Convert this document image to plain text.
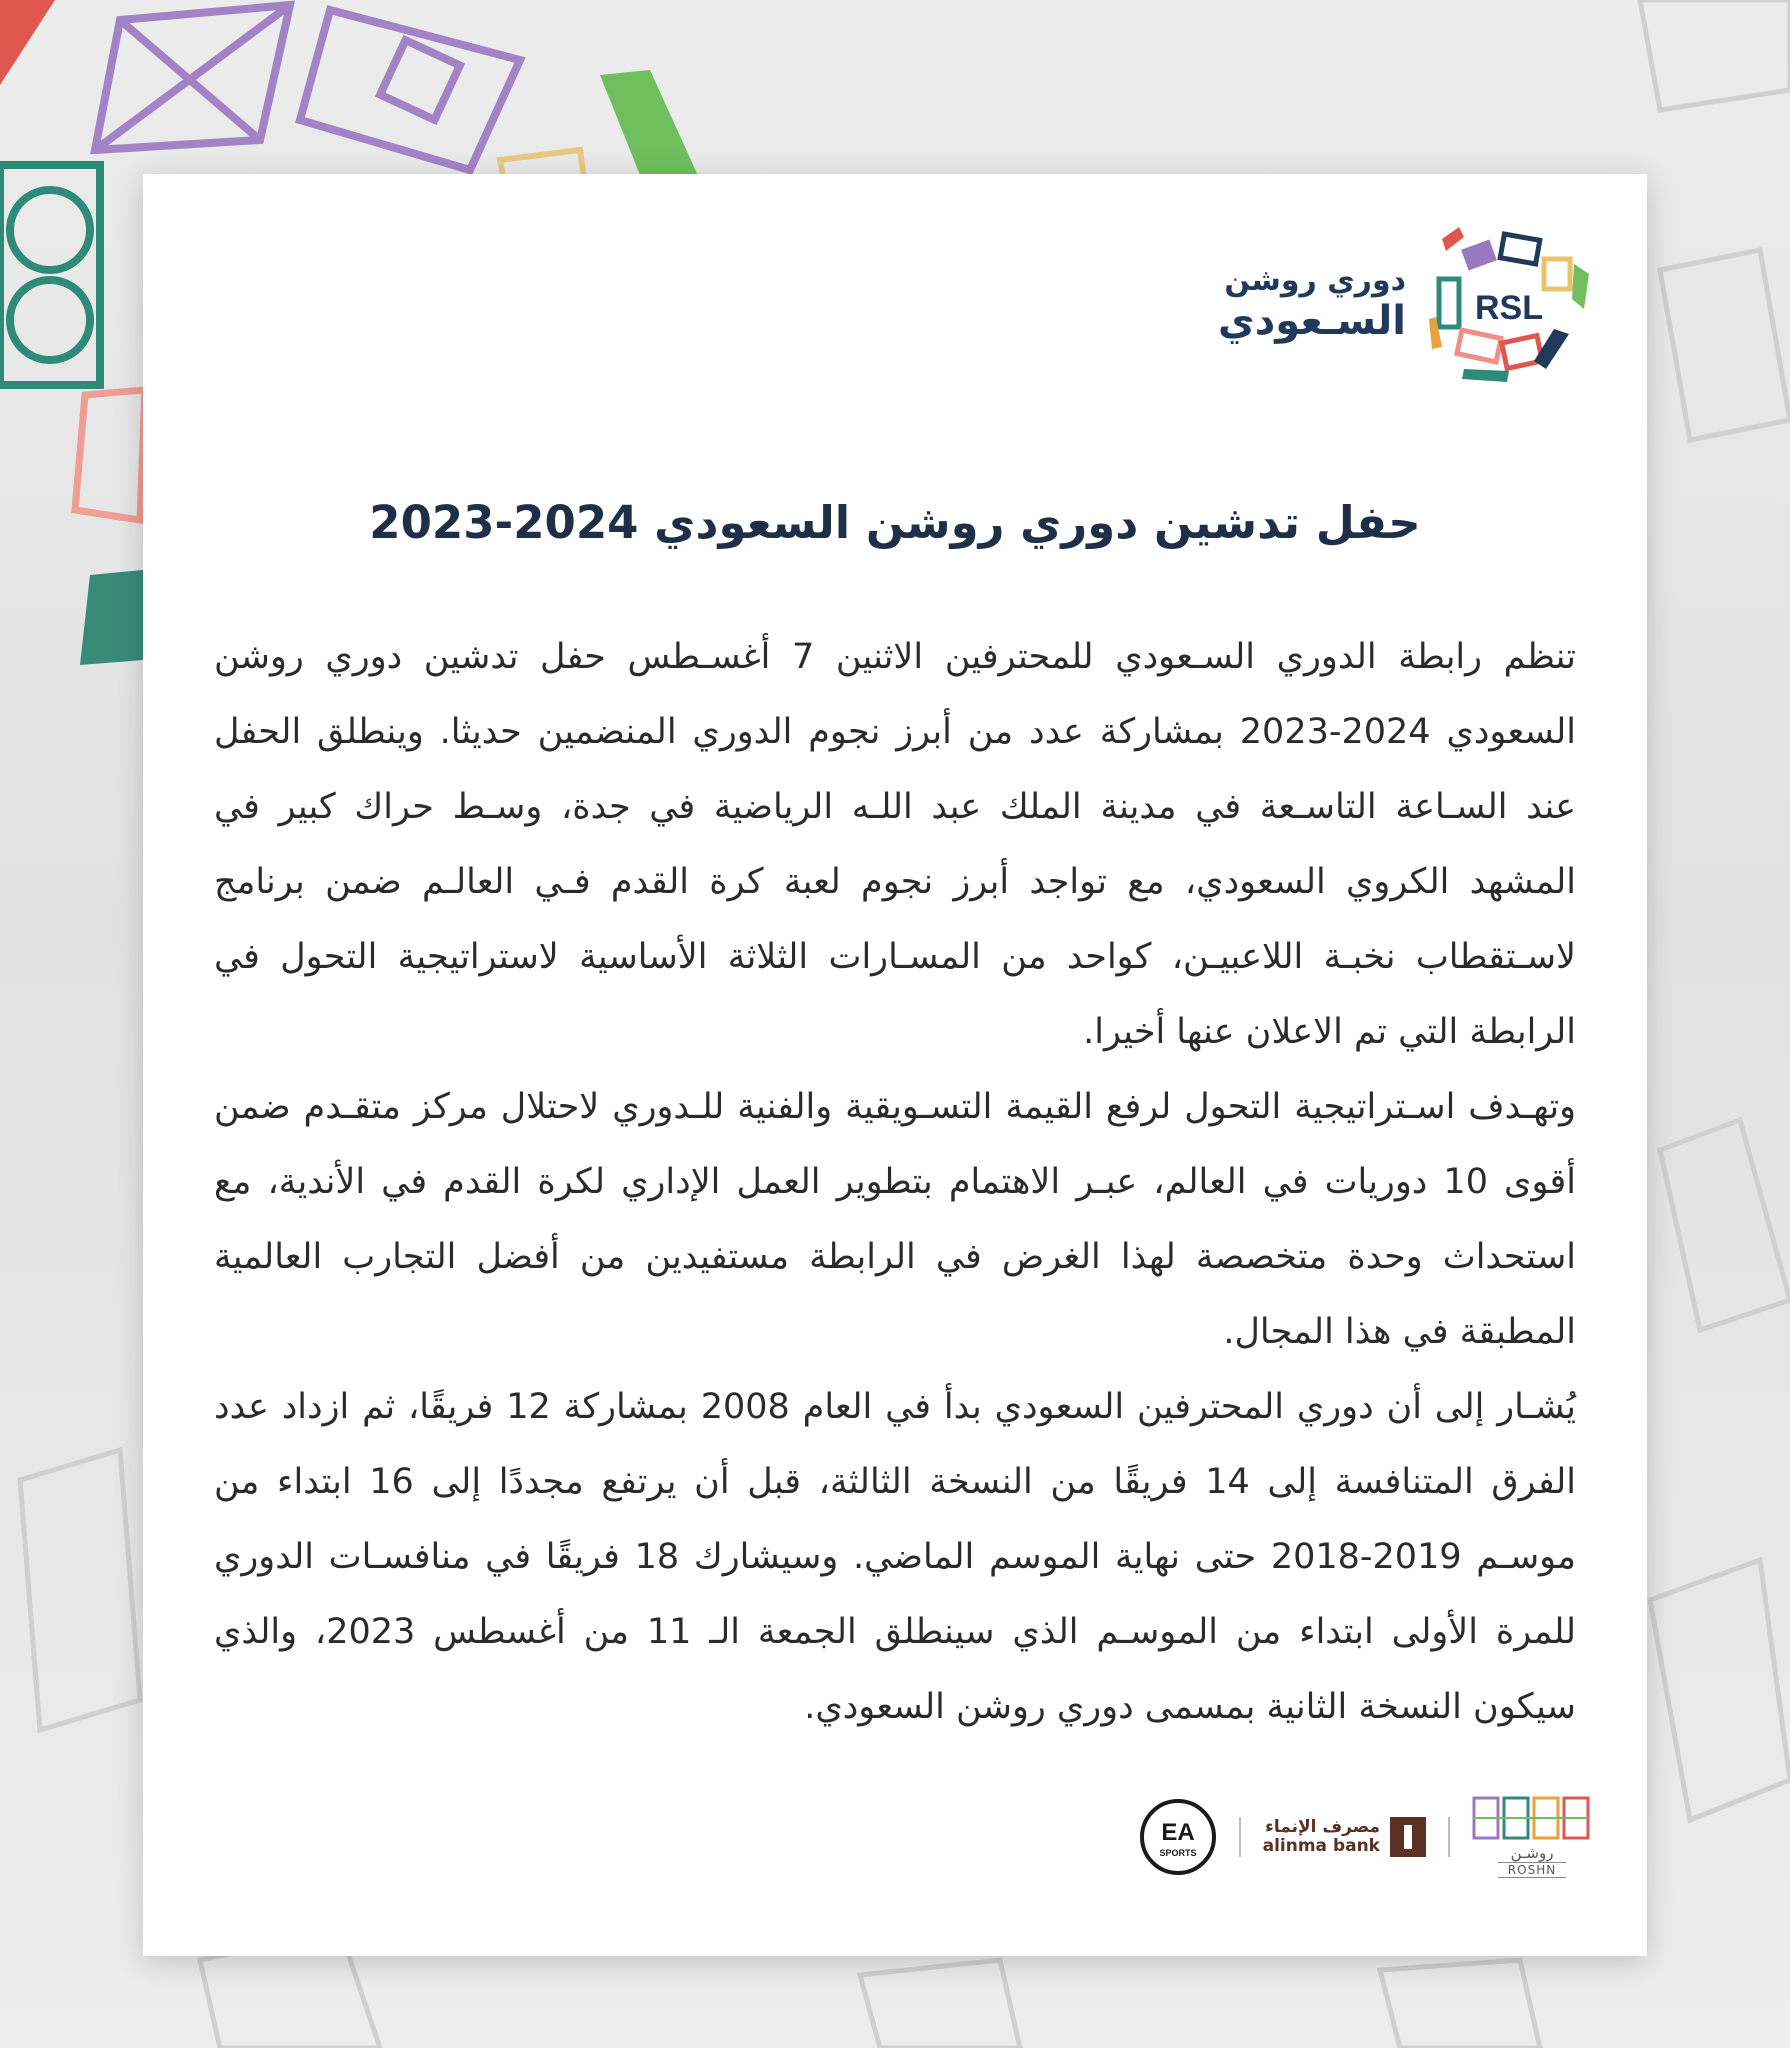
RSL
دوري روشن
السـعودي
حفل تدشين دوري روشن السعودي 2024-2023

تنظم رابطة الدوري السـعودي للمحترفين الاثنين 7 أغسـطس حفل تدشين دوري روشن السعودي 2024-2023 بمشاركة عدد من أبرز نجوم الدوري المنضمين حديثا. وينطلق الحفل عند السـاعة التاسـعة في مدينة الملك عبد اللـه الرياضية في جدة، وسـط حراك كبير في المشهد الكروي السعودي، مع تواجد أبرز نجوم لعبة كرة القدم فـي العالـم ضمن برنامج لاسـتقطاب نخبـة اللاعبيـن، كواحد من المسـارات الثلاثة الأساسية لاستراتيجية التحول في الرابطة التي تم الاعلان عنها أخيرا.

وتهـدف اسـتراتيجية التحول لرفع القيمة التسـويقية والفنية للـدوري لاحتلال مركز متقـدم ضمن أقوى 10 دوريات في العالم، عبـر الاهتمام بتطوير العمل الإداري لكرة القدم في الأندية، مع استحداث وحدة متخصصة لهذا الغرض في الرابطة مستفيدين من أفضل التجارب العالمية المطبقة في هذا المجال.

يُشـار إلى أن دوري المحترفين السعودي بدأ في العام 2008 بمشاركة 12 فريقًا، ثم ازداد عدد الفرق المتنافسة إلى 14 فريقًا من النسخة الثالثة، قبل أن يرتفع مجددًا إلى 16 ابتداء من موسـم 2019-2018 حتى نهاية الموسم الماضي. وسيشارك 18 فريقًا في منافسـات الدوري للمرة الأولى ابتداء من الموسـم الذي سينطلق الجمعة الـ 11 من أغسطس 2023، والذي سيكون النسخة الثانية بمسمى دوري روشن السعودي.

روشـن
ROSHN
مصرف الإنماء
alinma bank
EA
SPORTS
